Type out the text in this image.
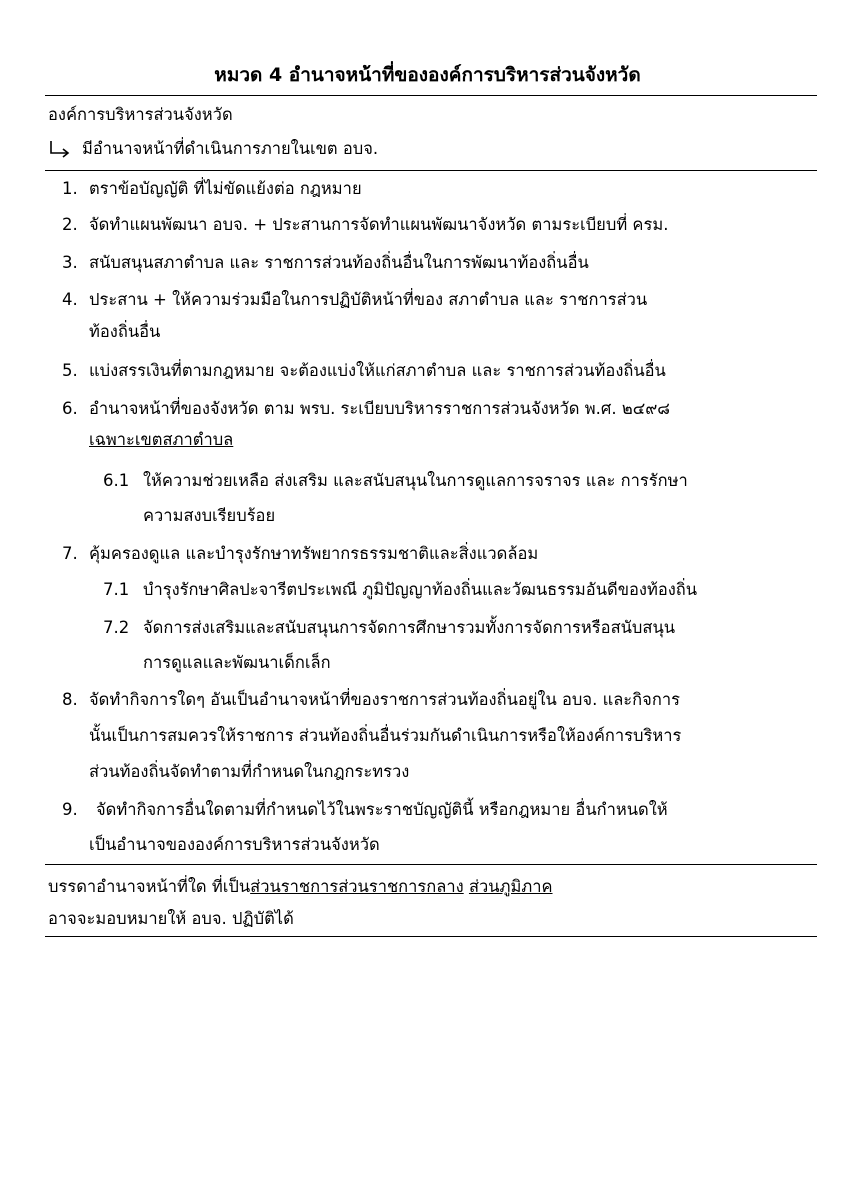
หมวด 4 อำนาจหน้าที่ขององค์การบริหารส่วนจังหวัด
องค์การบริหารส่วนจังหวัด
มีอำนาจหน้าที่ดำเนินการภายในเขต อบจ.
1. ตราข้อบัญญัติ ที่ไม่ขัดแย้งต่อ กฎหมาย
2. จัดทำแผนพัฒนา อบจ. + ประสานการจัดทำแผนพัฒนาจังหวัด ตามระเบียบที่ ครม.
3. สนับสนุนสภาตำบล และ ราชการส่วนท้องถิ่นอื่นในการพัฒนาท้องถิ่นอื่น
4. ประสาน + ให้ความร่วมมือในการปฏิบัติหน้าที่ของ สภาตำบล และ ราชการส่วน
ท้องถิ่นอื่น
5. แบ่งสรรเงินที่ตามกฎหมาย จะต้องแบ่งให้แก่สภาตำบล และ ราชการส่วนท้องถิ่นอื่น
6. อำนาจหน้าที่ของจังหวัด ตาม พรบ. ระเบียบบริหารราชการส่วนจังหวัด พ.ศ. ๒๔๙๘
เฉพาะเขตสภาตำบล
6.1 ให้ความช่วยเหลือ ส่งเสริม และสนับสนุนในการดูแลการจราจร และ การรักษา
ความสงบเรียบร้อย
7. คุ้มครองดูแล และบำรุงรักษาทรัพยากรธรรมชาติและสิ่งแวดล้อม
7.1 บำรุงรักษาศิลปะจารีตประเพณี ภูมิปัญญาท้องถิ่นและวัฒนธรรมอันดีของท้องถิ่น
7.2 จัดการส่งเสริมและสนับสนุนการจัดการศึกษารวมทั้งการจัดการหรือสนับสนุน
การดูแลและพัฒนาเด็กเล็ก
8. จัดทำกิจการใดๆ อันเป็นอำนาจหน้าที่ของราชการส่วนท้องถิ่นอยู่ใน อบจ. และกิจการ
นั้นเป็นการสมควรให้ราชการ ส่วนท้องถิ่นอื่นร่วมกันดำเนินการหรือให้องค์การบริหาร
ส่วนท้องถิ่นจัดทำตามที่กำหนดในกฎกระทรวง
9. จัดทำกิจการอื่นใดตามที่กำหนดไว้ในพระราชบัญญัตินี้ หรือกฎหมาย อื่นกำหนดให้
เป็นอำนาจขององค์การบริหารส่วนจังหวัด
บรรดาอำนาจหน้าที่ใด ที่เป็นส่วนราชการส่วนราชการกลาง ส่วนภูมิภาค
อาจจะมอบหมายให้ อบจ. ปฏิบัติได้
